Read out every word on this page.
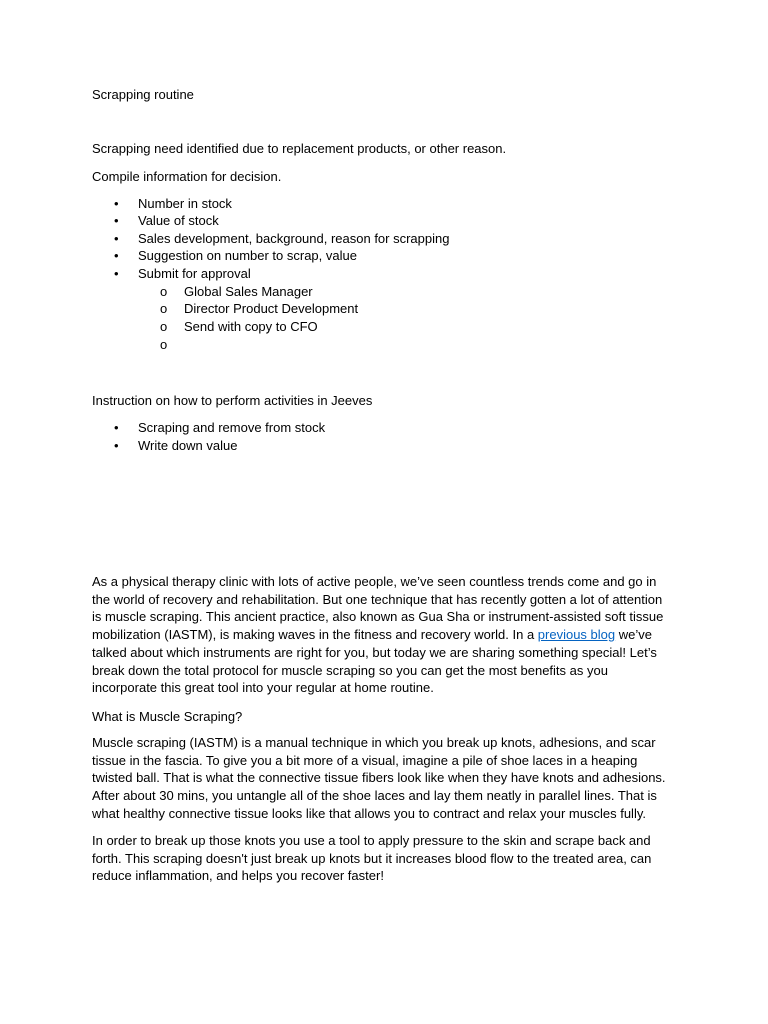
Scrapping routine
Scrapping need identified due to replacement products, or other reason.
Compile information for decision.
• Number in stock
• Value of stock
• Sales development, background, reason for scrapping
• Suggestion on number to scrap, value
• Submit for approval
o Global Sales Manager
o Director Product Development
o Send with copy to CFO
o
Instruction on how to perform activities in Jeeves
• Scraping and remove from stock
• Write down value

As a physical therapy clinic with lots of active people, we’ve seen countless trends come and go in

the world of recovery and rehabilitation. But one technique that has recently gotten a lot of attention

is muscle scraping. This ancient practice, also known as Gua Sha or instrument-assisted soft tissue

mobilization (IASTM), is making waves in the fitness and recovery world. In a previous blog we’ve

talked about which instruments are right for you, but today we are sharing something special! Let’s

break down the total protocol for muscle scraping so you can get the most benefits as you

incorporate this great tool into your regular at home routine.

What is Muscle Scraping?

Muscle scraping (IASTM) is a manual technique in which you break up knots, adhesions, and scar

tissue in the fascia. To give you a bit more of a visual, imagine a pile of shoe laces in a heaping

twisted ball. That is what the connective tissue fibers look like when they have knots and adhesions.

After about 30 mins, you untangle all of the shoe laces and lay them neatly in parallel lines. That is

what healthy connective tissue looks like that allows you to contract and relax your muscles fully.

In order to break up those knots you use a tool to apply pressure to the skin and scrape back and

forth. This scraping doesn't just break up knots but it increases blood flow to the treated area, can

reduce inflammation, and helps you recover faster!
